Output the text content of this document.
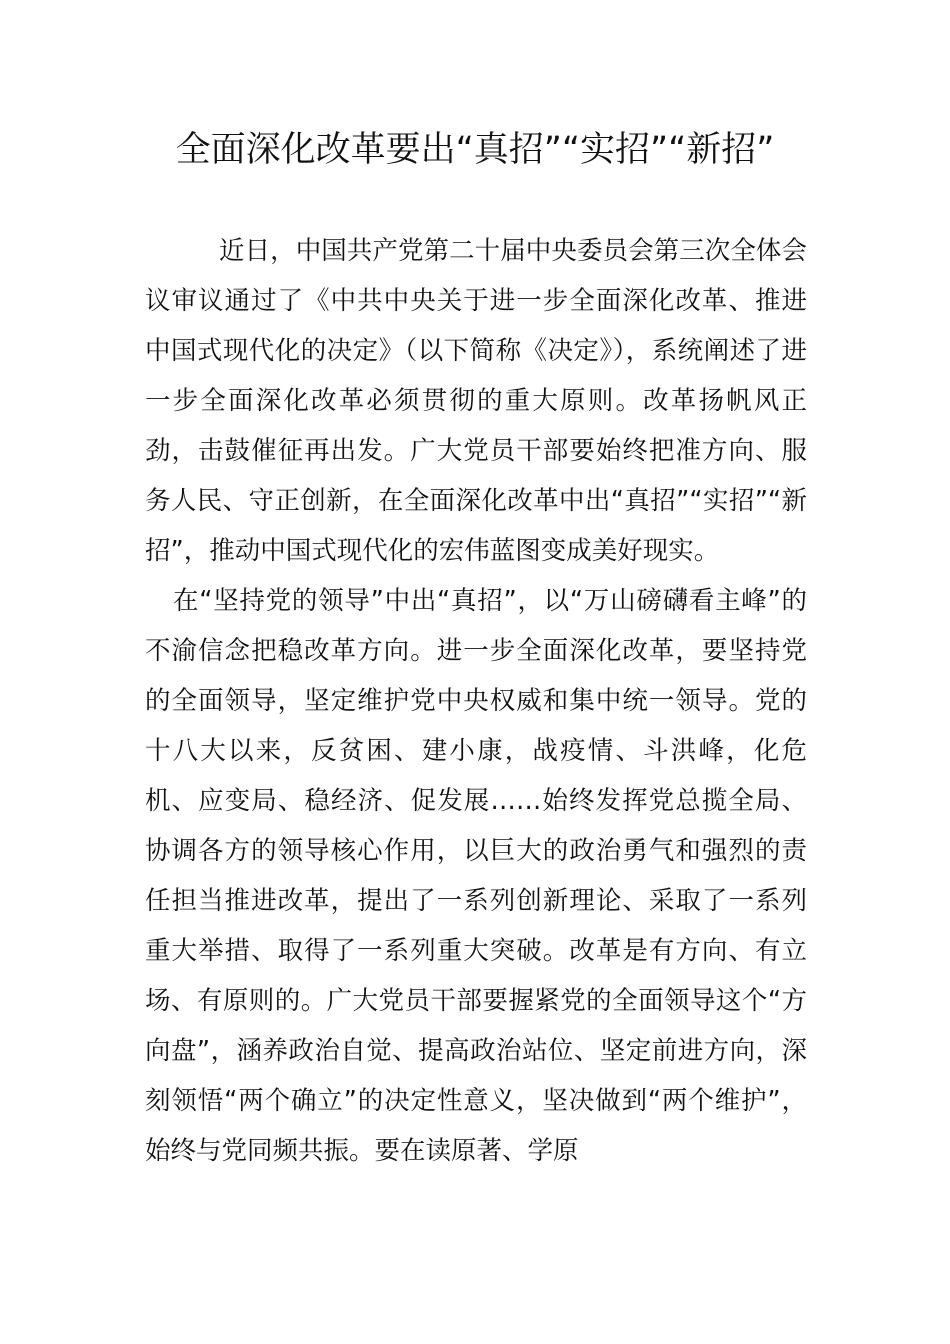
全面深化改革要出“真招”“实招”“新招”

近日，中国共产党第二十届中央委员会第三次全体会议审议通过了《中共中央关于进一步全面深化改革、推进中国式现代化的决定》（以下简称《决定》），系统阐述了进一步全面深化改革必须贯彻的重大原则。改革扬帆风正劲，击鼓催征再出发。广大党员干部要始终把准方向、服务人民、守正创新，在全面深化改革中出“真招”“实招”“新招”，推动中国式现代化的宏伟蓝图变成美好现实。

在“坚持党的领导”中出“真招”，以“万山磅礴看主峰”的不渝信念把稳改革方向。进一步全面深化改革，要坚持党的全面领导，坚定维护党中央权威和集中统一领导。党的十八大以来，反贫困、建小康，战疫情、斗洪峰，化危机、应变局、稳经济、促发展……始终发挥党总揽全局、协调各方的领导核心作用，以巨大的政治勇气和强烈的责任担当推进改革，提出了一系列创新理论、采取了一系列重大举措、取得了一系列重大突破。改革是有方向、有立场、有原则的。广大党员干部要握紧党的全面领导这个“方向盘”，涵养政治自觉、提高政治站位、坚定前进方向，深刻领悟“两个确立”的决定性意义，坚决做到“两个维护”，始终与党同频共振。要在读原著、学原
